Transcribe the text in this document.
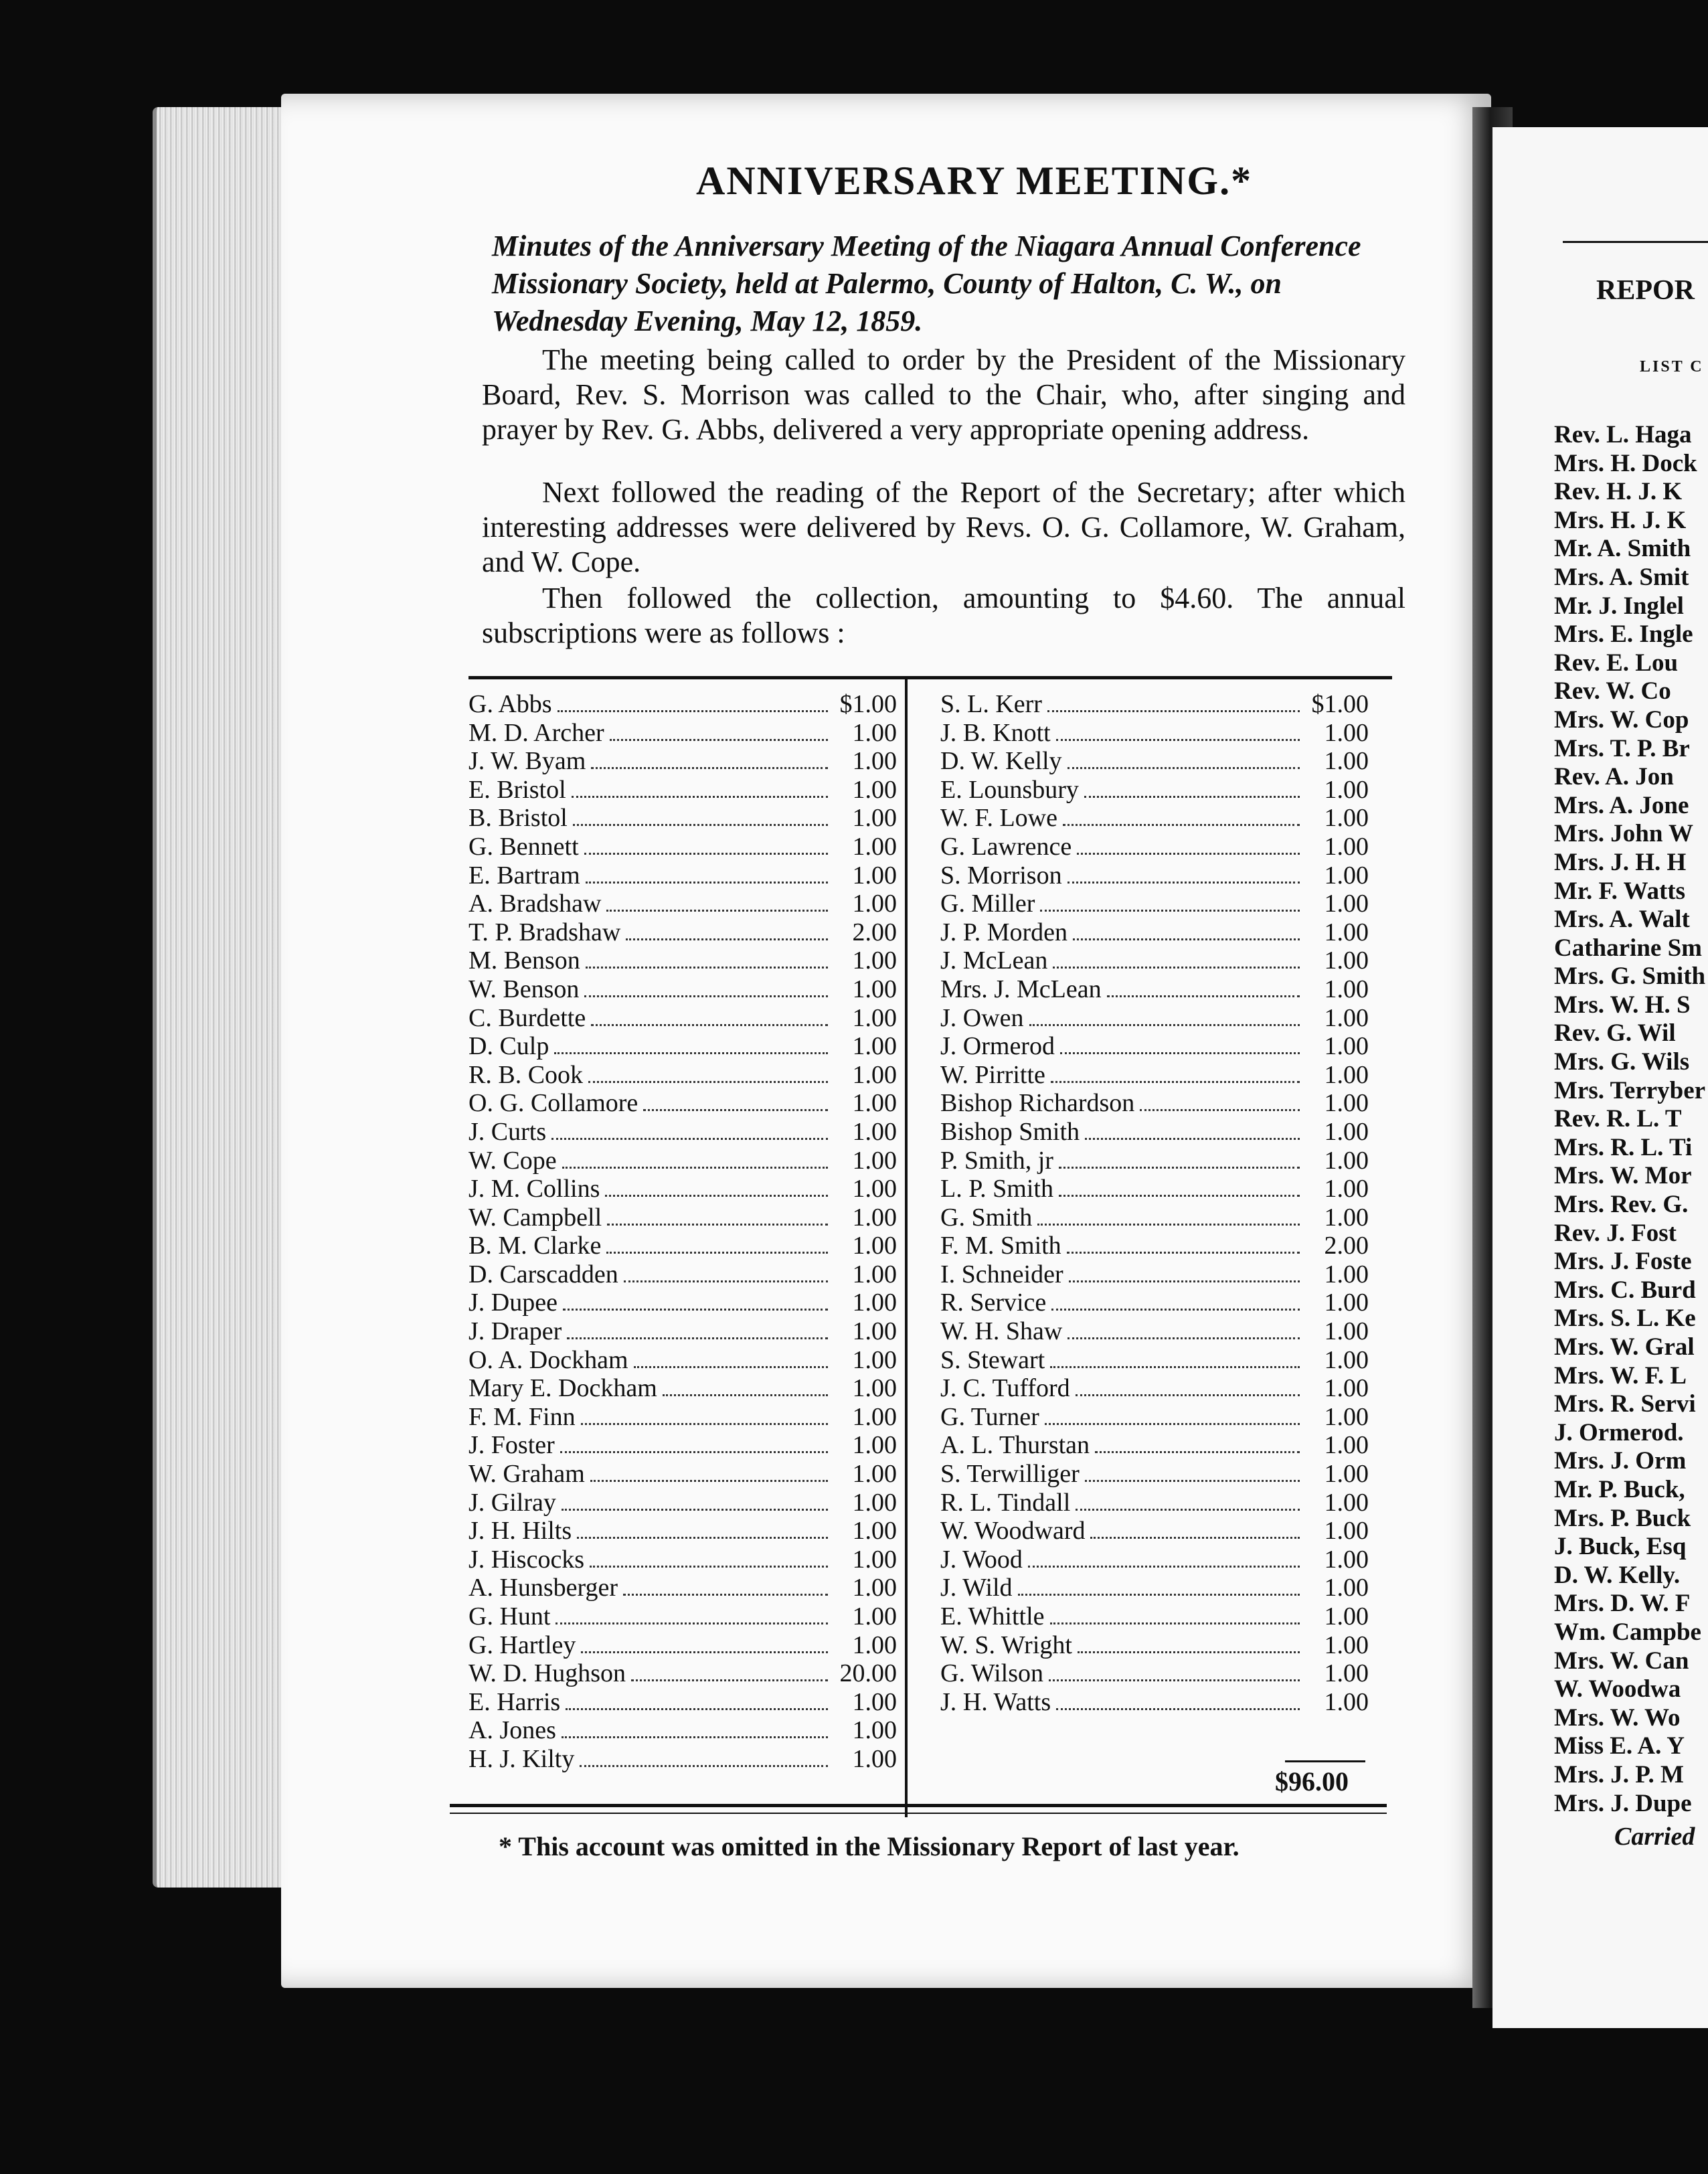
ANNIVERSARY MEETING.*
Minutes of the Anniversary Meeting of the Niagara Annual Conference Missionary Society, held at Palermo, County of Halton, C. W., on Wednesday Evening, May 12, 1859.

The meeting being called to order by the President of the Missionary Board, Rev. S. Morrison was called to the Chair, who, after singing and prayer by Rev. G. Abbs, delivered a very appropriate opening address.

Next followed the reading of the Report of the Secretary; after which interesting addresses were delivered by Revs. O. G. Collamore, W. Graham, and W. Cope.

Then followed the collection, amounting to $4.60. The annual subscriptions were as follows :

G. Abbs	$1.00
M. D. Archer	1.00
J. W. Byam	1.00
E. Bristol	1.00
B. Bristol	1.00
G. Bennett	1.00
E. Bartram	1.00
A. Bradshaw	1.00
T. P. Bradshaw	2.00
M. Benson	1.00
W. Benson	1.00
C. Burdette	1.00
D. Culp	1.00
R. B. Cook	1.00
O. G. Collamore	1.00
J. Curts	1.00
W. Cope	1.00
J. M. Collins	1.00
W. Campbell	1.00
B. M. Clarke	1.00
D. Carscadden	1.00
J. Dupee	1.00
J. Draper	1.00
O. A. Dockham	1.00
Mary E. Dockham	1.00
F. M. Finn	1.00
J. Foster	1.00
W. Graham	1.00
J. Gilray	1.00
J. H. Hilts	1.00
J. Hiscocks	1.00
A. Hunsberger	1.00
G. Hunt	1.00
G. Hartley	1.00
W. D. Hughson	20.00
E. Harris	1.00
A. Jones	1.00
H. J. Kilty	1.00
S. L. Kerr	$1.00
J. B. Knott	1.00
D. W. Kelly	1.00
E. Lounsbury	1.00
W. F. Lowe	1.00
G. Lawrence	1.00
S. Morrison	1.00
G. Miller	1.00
J. P. Morden	1.00
J. McLean	1.00
Mrs. J. McLean	1.00
J. Owen	1.00
J. Ormerod	1.00
W. Pirritte	1.00
Bishop Richardson	1.00
Bishop Smith	1.00
P. Smith, jr	1.00
L. P. Smith	1.00
G. Smith	1.00
F. M. Smith	2.00
I. Schneider	1.00
R. Service	1.00
W. H. Shaw	1.00
S. Stewart	1.00
J. C. Tufford	1.00
G. Turner	1.00
A. L. Thurstan	1.00
S. Terwilliger	1.00
R. L. Tindall	1.00
W. Woodward	1.00
J. Wood	1.00
J. Wild	1.00
E. Whittle	1.00
W. S. Wright	1.00
G. Wilson	1.00
J. H. Watts	1.00
$96.00
* This account was omitted in the Missionary Report of last year.
REPOR
LIST C
Rev. L. Haga
Mrs. H. Dock
Rev. H. J. K
Mrs. H. J. K
Mr. A. Smith
Mrs. A. Smit
Mr. J. Inglel
Mrs. E. Ingle
Rev. E. Lou
Rev. W. Co
Mrs. W. Cop
Mrs. T. P. Br
Rev. A. Jon
Mrs. A. Jone
Mrs. John W
Mrs. J. H. H
Mr. F. Watts
Mrs. A. Walt
Catharine Sm
Mrs. G. Smith
Mrs. W. H. S
Rev. G. Wil
Mrs. G. Wils
Mrs. Terryber
Rev. R. L. T
Mrs. R. L. Ti
Mrs. W. Mor
Mrs. Rev. G.
Rev. J. Fost
Mrs. J. Foste
Mrs. C. Burd
Mrs. S. L. Ke
Mrs. W. Gral
Mrs. W. F. L
Mrs. R. Servi
J. Ormerod.
Mrs. J. Orm
Mr. P. Buck,
Mrs. P. Buck
J. Buck, Esq
D. W. Kelly.
Mrs. D. W. F
Wm. Campbe
Mrs. W. Can
W. Woodwa
Mrs. W. Wo
Miss E. A. Y
Mrs. J. P. M
Mrs. J. Dupe
Carried
